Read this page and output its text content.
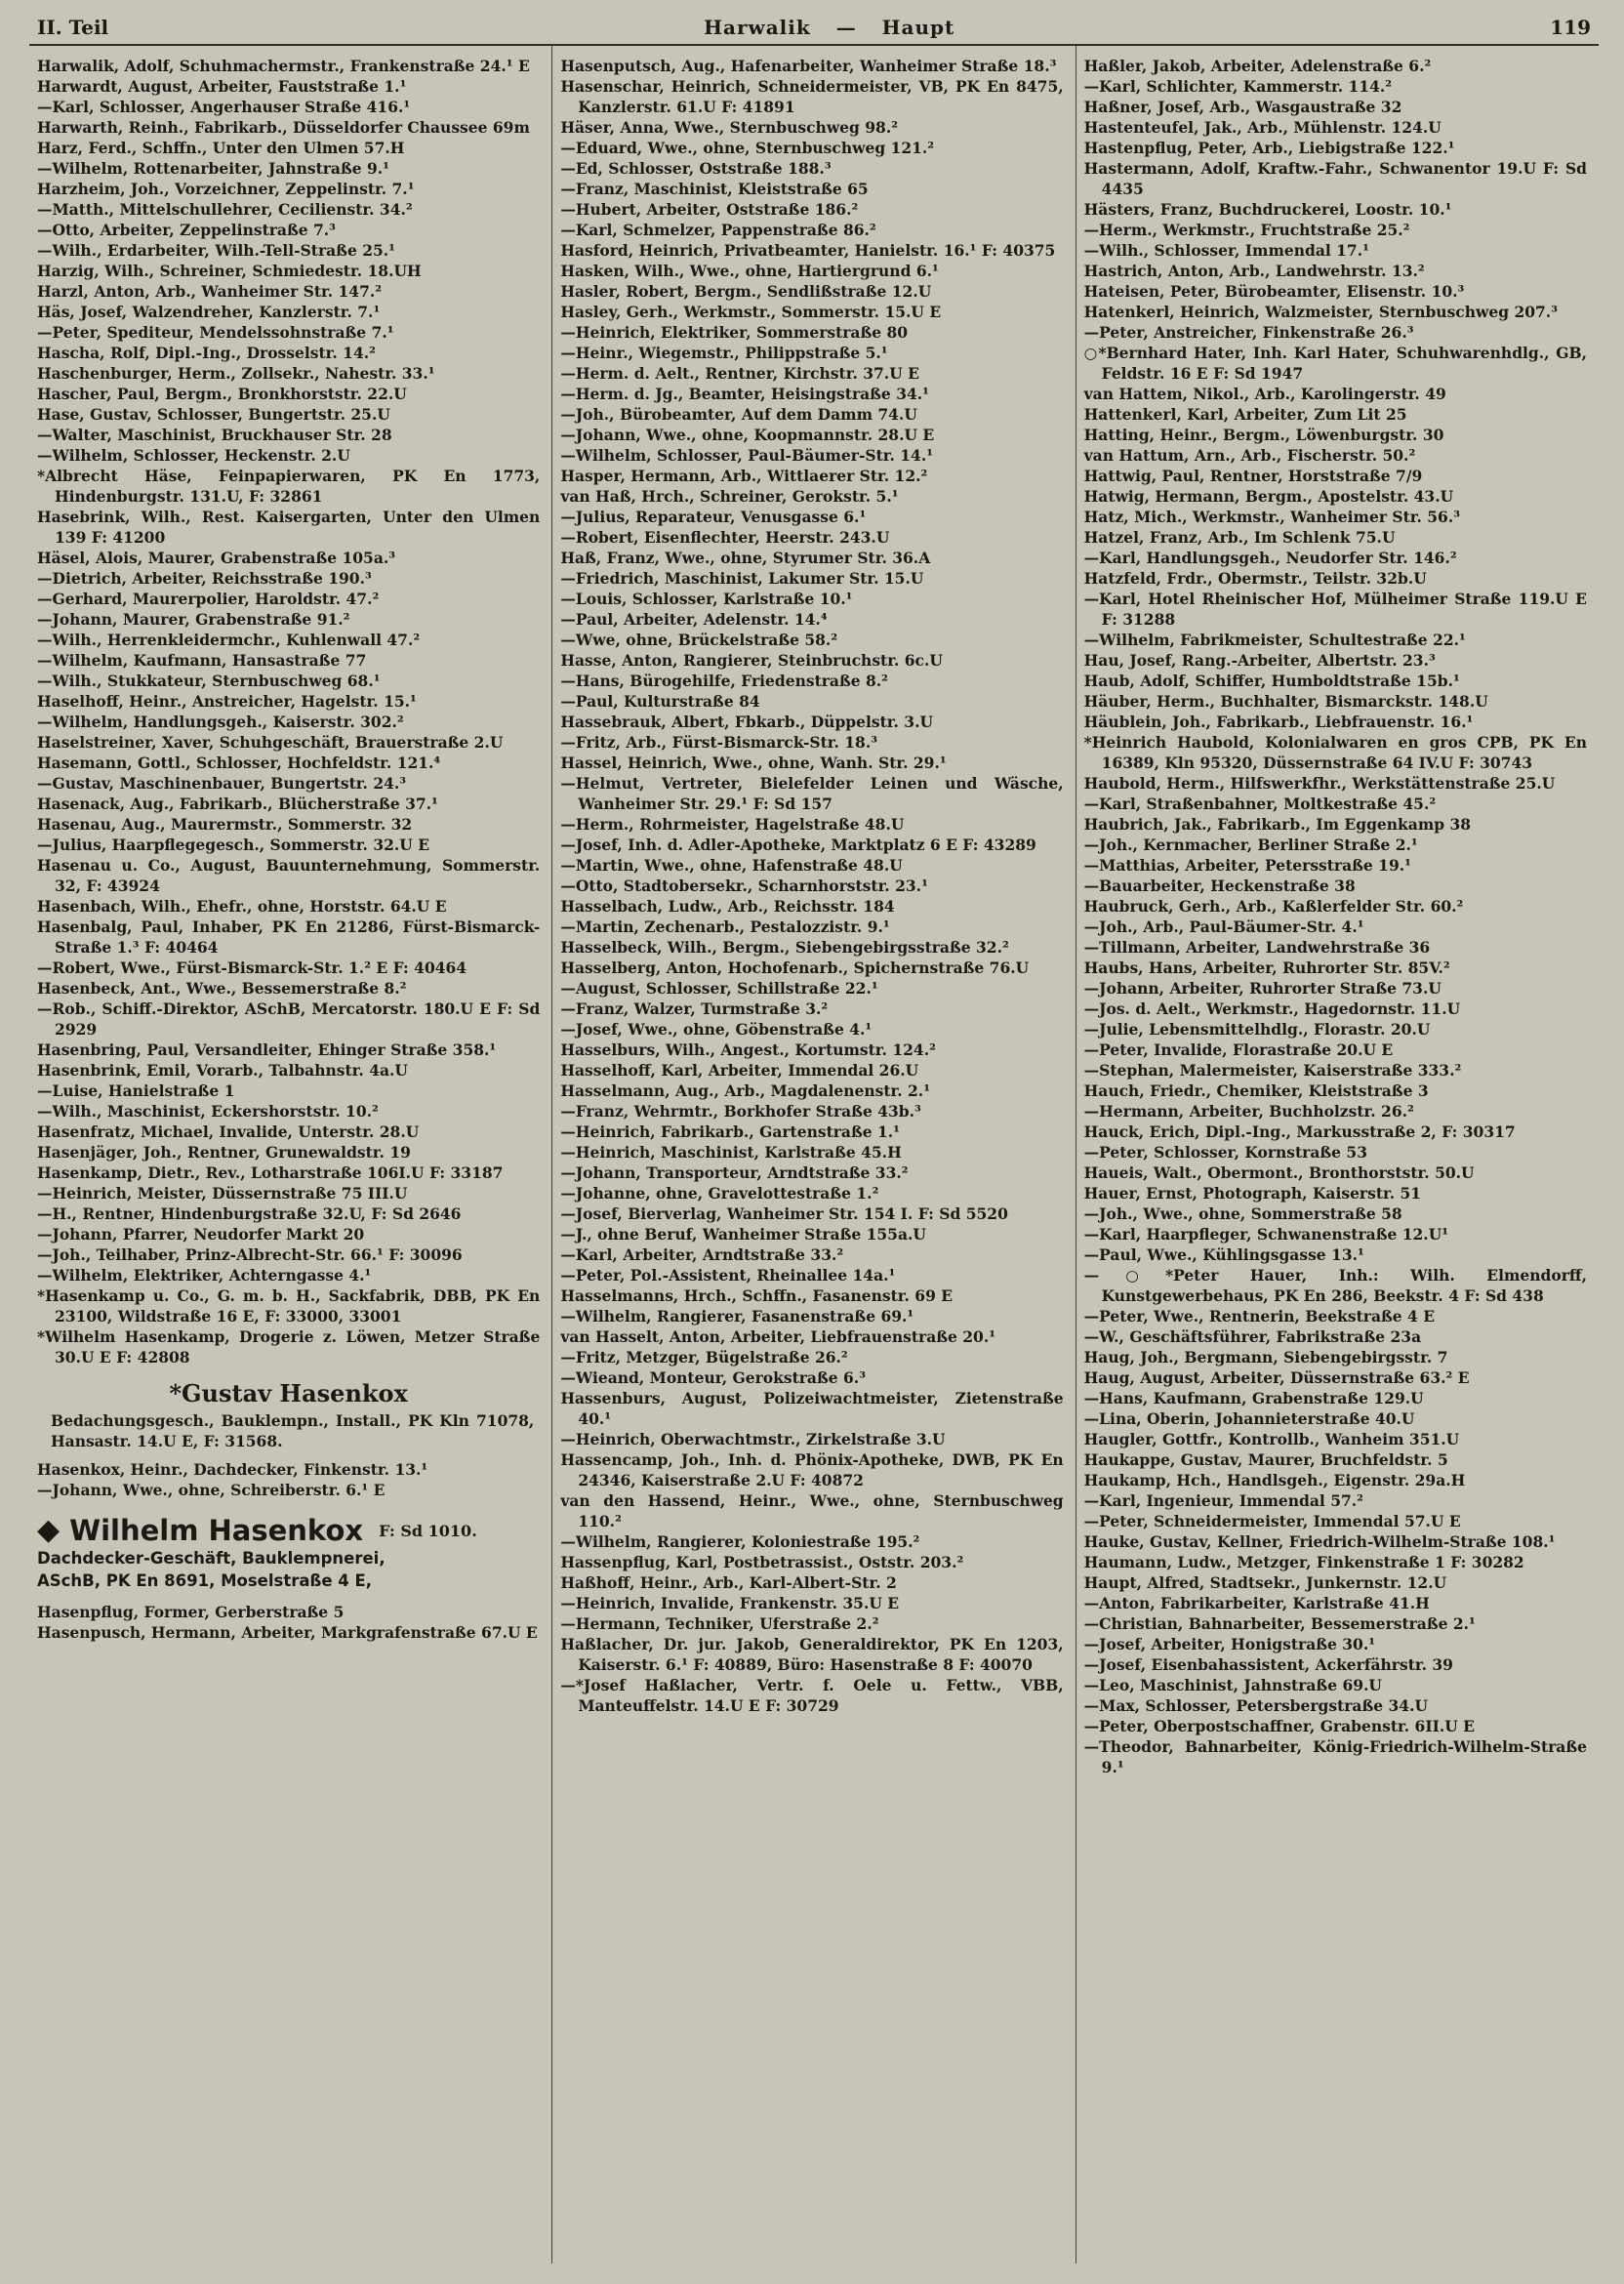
II. Teil	Harwalik — Haupt	119
Harwalik, Adolf, Schuhmachermstr., Frankenstraße 24.¹ E
Harwardt, August, Arbeiter, Fauststraße 1.¹
—Karl, Schlosser, Angerhauser Straße 416.¹
Harwarth, Reinh., Fabrikarb., Düsseldorfer Chaussee 69m
Harz, Ferd., Schffn., Unter den Ulmen 57.H
—Wilhelm, Rottenarbeiter, Jahnstraße 9.¹
Harzheim, Joh., Vorzeichner, Zeppelinstr. 7.¹
—Matth., Mittelschullehrer, Cecilienstr. 34.²
—Otto, Arbeiter, Zeppelinstraße 7.³
—Wilh., Erdarbeiter, Wilh.-Tell-Straße 25.¹
Harzig, Wilh., Schreiner, Schmiedestr. 18.UH
Harzl, Anton, Arb., Wanheimer Str. 147.²
Häs, Josef, Walzendreher, Kanzlerstr. 7.¹
—Peter, Spediteur, Mendelssohnstraße 7.¹
Hascha, Rolf, Dipl.-Ing., Drosselstr. 14.²
Haschenburger, Herm., Zollsekr., Nahestr. 33.¹
Hascher, Paul, Bergm., Bronkhorststr. 22.U
Hase, Gustav, Schlosser, Bungertstr. 25.U
—Walter, Maschinist, Bruckhauser Str. 28
—Wilhelm, Schlosser, Heckenstr. 2.U
*Albrecht Häse, Feinpapierwaren, PK En 1773, Hindenburgstr. 131.U, F: 32861
Hasebrink, Wilh., Rest. Kaisergarten, Unter den Ulmen 139 F: 41200
Häsel, Alois, Maurer, Grabenstraße 105a.³
—Dietrich, Arbeiter, Reichsstraße 190.³
—Gerhard, Maurerpolier, Haroldstr. 47.²
—Johann, Maurer, Grabenstraße 91.²
—Wilh., Herrenkleidermchr., Kuhlenwall 47.²
—Wilhelm, Kaufmann, Hansastraße 77
—Wilh., Stukkateur, Sternbuschweg 68.¹
Haselhoff, Heinr., Anstreicher, Hagelstr. 15.¹
—Wilhelm, Handlungsgeh., Kaiserstr. 302.²
Haselstreiner, Xaver, Schuhgeschäft, Brauerstraße 2.U
Hasemann, Gottl., Schlosser, Hochfeldstr. 121.⁴
—Gustav, Maschinenbauer, Bungertstr. 24.³
Hasenack, Aug., Fabrikarb., Blücherstraße 37.¹
Hasenau, Aug., Maurermstr., Sommerstr. 32
—Julius, Haarpflegegesch., Sommerstr. 32.U E
Hasenau u. Co., August, Bauunternehmung, Sommerstr. 32, F: 43924
Hasenbach, Wilh., Ehefr., ohne, Horststr. 64.U E
Hasenbalg, Paul, Inhaber, PK En 21286, Fürst-Bismarck-Straße 1.³ F: 40464
—Robert, Wwe., Fürst-Bismarck-Str. 1.² E F: 40464
Hasenbeck, Ant., Wwe., Bessemerstraße 8.²
—Rob., Schiff.-Direktor, ASchB, Mercatorstr. 180.U E F: Sd 2929
Hasenbring, Paul, Versandleiter, Ehinger Straße 358.¹
Hasenbrink, Emil, Vorarb., Talbahnstr. 4a.U
—Luise, Hanielstraße 1
—Wilh., Maschinist, Eckershorststr. 10.²
Hasenfratz, Michael, Invalide, Unterstr. 28.U
Hasenjäger, Joh., Rentner, Grunewaldstr. 19
Hasenkamp, Dietr., Rev., Lotharstraße 106I.U F: 33187
—Heinrich, Meister, Düssernstraße 75 III.U
—H., Rentner, Hindenburgstraße 32.U, F: Sd 2646
—Johann, Pfarrer, Neudorfer Markt 20
—Joh., Teilhaber, Prinz-Albrecht-Str. 66.¹ F: 30096
—Wilhelm, Elektriker, Achterngasse 4.¹
*Hasenkamp u. Co., G. m. b. H., Sackfabrik, DBB, PK En 23100, Wildstraße 16 E, F: 33000, 33001
*Wilhelm Hasenkamp, Drogerie z. Löwen, Metzer Straße 30.U E F: 42808
*Gustav Hasenkox
Bedachungsgesch., Bauklempn., Install., PK Kln 71078, Hansastr. 14.U E, F: 31568.
Hasenkox, Heinr., Dachdecker, Finkenstr. 13.¹
—Johann, Wwe., ohne, Schreiberstr. 6.¹ E
◆ Wilhelm Hasenkox F: Sd 1010.
Dachdecker-Geschäft, Bauklempnerei,
ASchB, PK En 8691, Moselstraße 4 E,
Hasenpflug, Former, Gerberstraße 5
Hasenpusch, Hermann, Arbeiter, Markgrafenstraße 67.U E
Hasenputsch, Aug., Hafenarbeiter, Wanheimer Straße 18.³
Hasenschar, Heinrich, Schneidermeister, VB, PK En 8475, Kanzlerstr. 61.U F: 41891
Häser, Anna, Wwe., Sternbuschweg 98.²
—Eduard, Wwe., ohne, Sternbuschweg 121.²
—Ed, Schlosser, Oststraße 188.³
—Franz, Maschinist, Kleiststraße 65
—Hubert, Arbeiter, Oststraße 186.²
—Karl, Schmelzer, Pappenstraße 86.²
Hasford, Heinrich, Privatbeamter, Hanielstr. 16.¹ F: 40375
Hasken, Wilh., Wwe., ohne, Hartiergrund 6.¹
Hasler, Robert, Bergm., Sendlißstraße 12.U
Hasley, Gerh., Werkmstr., Sommerstr. 15.U E
—Heinrich, Elektriker, Sommerstraße 80
—Heinr., Wiegemstr., Philippstraße 5.¹
—Herm. d. Aelt., Rentner, Kirchstr. 37.U E
—Herm. d. Jg., Beamter, Heisingstraße 34.¹
—Joh., Bürobeamter, Auf dem Damm 74.U
—Johann, Wwe., ohne, Koopmannstr. 28.U E
—Wilhelm, Schlosser, Paul-Bäumer-Str. 14.¹
Hasper, Hermann, Arb., Wittlaerer Str. 12.²
van Haß, Hrch., Schreiner, Gerokstr. 5.¹
—Julius, Reparateur, Venusgasse 6.¹
—Robert, Eisenflechter, Heerstr. 243.U
Haß, Franz, Wwe., ohne, Styrumer Str. 36.A
—Friedrich, Maschinist, Lakumer Str. 15.U
—Louis, Schlosser, Karlstraße 10.¹
—Paul, Arbeiter, Adelenstr. 14.⁴
—Wwe, ohne, Brückelstraße 58.²
Hasse, Anton, Rangierer, Steinbruchstr. 6c.U
—Hans, Bürogehilfe, Friedenstraße 8.²
—Paul, Kulturstraße 84
Hassebrauk, Albert, Fbkarb., Düppelstr. 3.U
—Fritz, Arb., Fürst-Bismarck-Str. 18.³
Hassel, Heinrich, Wwe., ohne, Wanh. Str. 29.¹
—Helmut, Vertreter, Bielefelder Leinen und Wäsche, Wanheimer Str. 29.¹ F: Sd 157
—Herm., Rohrmeister, Hagelstraße 48.U
—Josef, Inh. d. Adler-Apotheke, Marktplatz 6 E F: 43289
—Martin, Wwe., ohne, Hafenstraße 48.U
—Otto, Stadtobersekr., Scharnhorststr. 23.¹
Hasselbach, Ludw., Arb., Reichsstr. 184
—Martin, Zechenarb., Pestalozzistr. 9.¹
Hasselbeck, Wilh., Bergm., Siebengebirgsstraße 32.²
Hasselberg, Anton, Hochofenarb., Spichernstraße 76.U
—August, Schlosser, Schillstraße 22.¹
—Franz, Walzer, Turmstraße 3.²
—Josef, Wwe., ohne, Göbenstraße 4.¹
Hasselburs, Wilh., Angest., Kortumstr. 124.²
Hasselhoff, Karl, Arbeiter, Immendal 26.U
Hasselmann, Aug., Arb., Magdalenenstr. 2.¹
—Franz, Wehrmtr., Borkhofer Straße 43b.³
—Heinrich, Fabrikarb., Gartenstraße 1.¹
—Heinrich, Maschinist, Karlstraße 45.H
—Johann, Transporteur, Arndtstraße 33.²
—Johanne, ohne, Gravelottestraße 1.²
—Josef, Bierverlag, Wanheimer Str. 154 I. F: Sd 5520
—J., ohne Beruf, Wanheimer Straße 155a.U
—Karl, Arbeiter, Arndtstraße 33.²
—Peter, Pol.-Assistent, Rheinallee 14a.¹
Hasselmanns, Hrch., Schffn., Fasanenstr. 69 E
—Wilhelm, Rangierer, Fasanenstraße 69.¹
van Hasselt, Anton, Arbeiter, Liebfrauenstraße 20.¹
—Fritz, Metzger, Bügelstraße 26.²
—Wieand, Monteur, Gerokstraße 6.³
Hassenburs, August, Polizeiwachtmeister, Zietenstraße 40.¹
—Heinrich, Oberwachtmstr., Zirkelstraße 3.U
Hassencamp, Joh., Inh. d. Phönix-Apotheke, DWB, PK En 24346, Kaiserstraße 2.U F: 40872
van den Hassend, Heinr., Wwe., ohne, Sternbuschweg 110.²
—Wilhelm, Rangierer, Koloniestraße 195.²
Hassenpflug, Karl, Postbetrassist., Oststr. 203.²
Haßhoff, Heinr., Arb., Karl-Albert-Str. 2
—Heinrich, Invalide, Frankenstr. 35.U E
—Hermann, Techniker, Uferstraße 2.²
Haßlacher, Dr. jur. Jakob, Generaldirektor, PK En 1203, Kaiserstr. 6.¹ F: 40889, Büro: Hasenstraße 8 F: 40070
—*Josef Haßlacher, Vertr. f. Oele u. Fettw., VBB, Manteuffelstr. 14.U E F: 30729
Haßler, Jakob, Arbeiter, Adelenstraße 6.²
—Karl, Schlichter, Kammerstr. 114.²
Haßner, Josef, Arb., Wasgaustraße 32
Hastenteufel, Jak., Arb., Mühlenstr. 124.U
Hastenpflug, Peter, Arb., Liebigstraße 122.¹
Hastermann, Adolf, Kraftw.-Fahr., Schwanentor 19.U F: Sd 4435
Hästers, Franz, Buchdruckerei, Loostr. 10.¹
—Herm., Werkmstr., Fruchtstraße 25.²
—Wilh., Schlosser, Immendal 17.¹
Hastrich, Anton, Arb., Landwehrstr. 13.²
Hateisen, Peter, Bürobeamter, Elisenstr. 10.³
Hatenkerl, Heinrich, Walzmeister, Sternbuschweg 207.³
—Peter, Anstreicher, Finkenstraße 26.³
○*Bernhard Hater, Inh. Karl Hater, Schuhwarenhdlg., GB, Feldstr. 16 E F: Sd 1947
van Hattem, Nikol., Arb., Karolingerstr. 49
Hattenkerl, Karl, Arbeiter, Zum Lit 25
Hatting, Heinr., Bergm., Löwenburgstr. 30
van Hattum, Arn., Arb., Fischerstr. 50.²
Hattwig, Paul, Rentner, Horststraße 7/9
Hatwig, Hermann, Bergm., Apostelstr. 43.U
Hatz, Mich., Werkmstr., Wanheimer Str. 56.³
Hatzel, Franz, Arb., Im Schlenk 75.U
—Karl, Handlungsgeh., Neudorfer Str. 146.²
Hatzfeld, Frdr., Obermstr., Teilstr. 32b.U
—Karl, Hotel Rheinischer Hof, Mülheimer Straße 119.U E F: 31288
—Wilhelm, Fabrikmeister, Schultestraße 22.¹
Hau, Josef, Rang.-Arbeiter, Albertstr. 23.³
Haub, Adolf, Schiffer, Humboldtstraße 15b.¹
Häuber, Herm., Buchhalter, Bismarckstr. 148.U
Häublein, Joh., Fabrikarb., Liebfrauenstr. 16.¹
*Heinrich Haubold, Kolonialwaren en gros CPB, PK En 16389, Kln 95320, Düssernstraße 64 IV.U F: 30743
Haubold, Herm., Hilfswerkfhr., Werkstättenstraße 25.U
—Karl, Straßenbahner, Moltkestraße 45.²
Haubrich, Jak., Fabrikarb., Im Eggenkamp 38
—Joh., Kernmacher, Berliner Straße 2.¹
—Matthias, Arbeiter, Petersstraße 19.¹
—Bauarbeiter, Heckenstraße 38
Haubruck, Gerh., Arb., Kaßlerfelder Str. 60.²
—Joh., Arb., Paul-Bäumer-Str. 4.¹
—Tillmann, Arbeiter, Landwehrstraße 36
Haubs, Hans, Arbeiter, Ruhrorter Str. 85V.²
—Johann, Arbeiter, Ruhrorter Straße 73.U
—Jos. d. Aelt., Werkmstr., Hagedornstr. 11.U
—Julie, Lebensmittelhdlg., Florastr. 20.U
—Peter, Invalide, Florastraße 20.U E
—Stephan, Malermeister, Kaiserstraße 333.²
Hauch, Friedr., Chemiker, Kleiststraße 3
—Hermann, Arbeiter, Buchholzstr. 26.²
Hauck, Erich, Dipl.-Ing., Markusstraße 2, F: 30317
—Peter, Schlosser, Kornstraße 53
Haueis, Walt., Obermont., Bronthorststr. 50.U
Hauer, Ernst, Photograph, Kaiserstr. 51
—Joh., Wwe., ohne, Sommerstraße 58
—Karl, Haarpfleger, Schwanenstraße 12.U¹
—Paul, Wwe., Kühlingsgasse 13.¹
—○*Peter Hauer, Inh.: Wilh. Elmendorff, Kunstgewerbehaus, PK En 286, Beekstr. 4 F: Sd 438
—Peter, Wwe., Rentnerin, Beekstraße 4 E
—W., Geschäftsführer, Fabrikstraße 23a
Haug, Joh., Bergmann, Siebengebirgsstr. 7
Haug, August, Arbeiter, Düssernstraße 63.² E
—Hans, Kaufmann, Grabenstraße 129.U
—Lina, Oberin, Johannieterstraße 40.U
Haugler, Gottfr., Kontrollb., Wanheim 351.U
Haukappe, Gustav, Maurer, Bruchfeldstr. 5
Haukamp, Hch., Handlsgeh., Eigenstr. 29a.H
—Karl, Ingenieur, Immendal 57.²
—Peter, Schneidermeister, Immendal 57.U E
Hauke, Gustav, Kellner, Friedrich-Wilhelm-Straße 108.¹
Haumann, Ludw., Metzger, Finkenstraße 1 F: 30282
Haupt, Alfred, Stadtsekr., Junkernstr. 12.U
—Anton, Fabrikarbeiter, Karlstraße 41.H
—Christian, Bahnarbeiter, Bessemerstraße 2.¹
—Josef, Arbeiter, Honigstraße 30.¹
—Josef, Eisenbahassistent, Ackerfährstr. 39
—Leo, Maschinist, Jahnstraße 69.U
—Max, Schlosser, Petersbergstraße 34.U
—Peter, Oberpostschaffner, Grabenstr. 6II.U E
—Theodor, Bahnarbeiter, König-Friedrich-Wilhelm-Straße 9.¹
